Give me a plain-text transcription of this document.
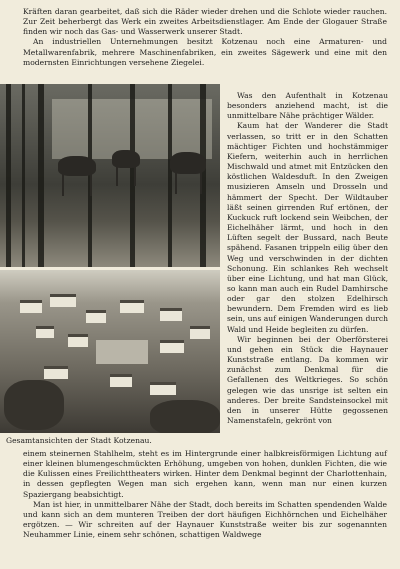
Kräften daran gearbeitet, daß sich die Räder wieder drehen und die Schlote wieder rauchen. Zur Zeit beherbergt das Werk ein zweites Arbeitsdienstlager. Am Ende der Glogauer Straße finden wir noch das Gas- und Wasserwerk unserer Stadt.

An industriellen Unternehmungen besitzt Kotzenau noch eine Armaturen- und Metallwarenfabrik, mehrere Maschinenfabriken, ein zweites Sägewerk und eine mit den modernsten Einrichtungen versehene Ziegelei.

Was den Aufenthalt in Kotzenau besonders anziehend macht, ist die unmittelbare Nähe prächtiger Wälder.

Kaum hat der Wanderer die Stadt verlassen, so tritt er in den Schatten mächtiger Fichten und hochstämmiger Kiefern, weiterhin auch in herrlichen Mischwald und atmet mit Entzücken den köstlichen Waldesduft. In den Zweigen musizieren Amseln und Drosseln und hämmert der Specht. Der Wildtauber läßt seinen girrenden Ruf ertönen, der Kuckuck ruft lockend sein Weibchen, der Eichelhäher lärmt, und hoch in den Lüften segelt der Bussard, nach Beute spähend. Fasanen trippeln eilig über den Weg und verschwinden in der dichten Schonung. Ein schlankes Reh wechselt über eine Lichtung, und hat man Glück, so kann man auch ein Rudel Damhirsche oder gar den stolzen Edelhirsch bewundern. Dem Fremden wird es lieb sein, uns auf einigen Wanderungen durch Wald und Heide begleiten zu dürfen.

Wir beginnen bei der Oberförsterei und gehen ein Stück die Haynauer Kunststraße entlang. Da kommen wir zunächst zum Denkmal für die Gefallenen des Weltkrieges. So schön gelegen wie das unsrige ist selten ein anderes. Der breite Sandsteinsockel mit den in unserer Hütte gegossenen Namenstafeln, gekrönt von

Gesamtansichten der Stadt Kotzenau.

einem steinernen Stahlhelm, steht es im Hintergrunde einer halbkreisförmigen Lichtung auf einer kleinen blumengeschmückten Erhöhung, umgeben von hohen, dunklen Fichten, die wie die Kulissen eines Freilichttheaters wirken. Hinter dem Denkmal beginnt der Charlottenhain, in dessen gepflegten Wegen man sich ergehen kann, wenn man nur einen kurzen Spaziergang beabsichtigt.

Man ist hier, in unmittelbarer Nähe der Stadt, doch bereits im Schatten spendenden Walde und kann sich an dem munteren Treiben der dort häufigen Eichhörnchen und Eichelhäher ergötzen. — Wir schreiten auf der Haynauer Kunststraße weiter bis zur sogenannten Neuhammer Linie, einem sehr schönen, schattigen Waldwege
